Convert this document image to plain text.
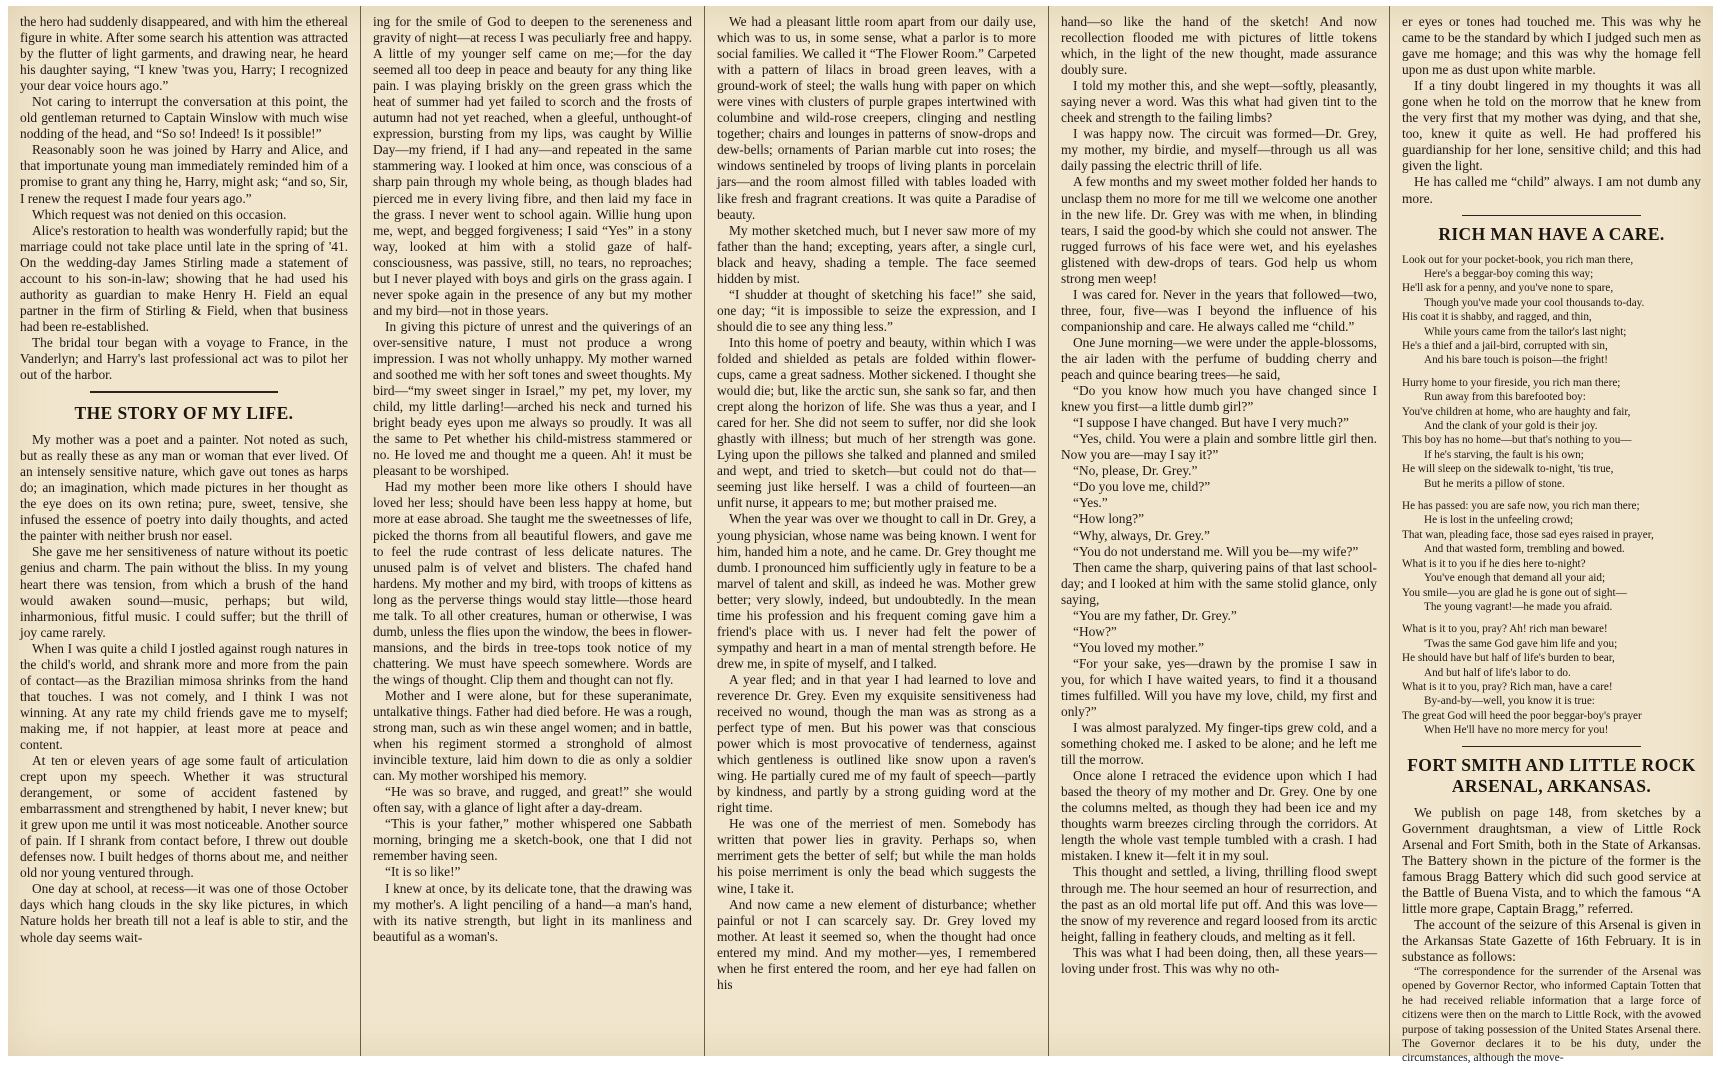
the hero had suddenly disappeared, and with him the ethereal figure in white. After some search his attention was attracted by the flutter of light garments, and drawing near, he heard his daughter saying, “I knew 'twas you, Harry; I recognized your dear voice hours ago.”

Not caring to interrupt the conversation at this point, the old gentleman returned to Captain Winslow with much wise nodding of the head, and “So so! Indeed! Is it possible!”

Reasonably soon he was joined by Harry and Alice, and that importunate young man immediately reminded him of a promise to grant any thing he, Harry, might ask; “and so, Sir, I renew the request I made four years ago.”

Which request was not denied on this occasion.

Alice's restoration to health was wonderfully rapid; but the marriage could not take place until late in the spring of '41. On the wedding-day James Stirling made a statement of account to his son-in-law; showing that he had used his authority as guardian to make Henry H. Field an equal partner in the firm of Stirling & Field, when that business had been re-established.

The bridal tour began with a voyage to France, in the Vanderlyn; and Harry's last professional act was to pilot her out of the harbor.

THE STORY OF MY LIFE.

My mother was a poet and a painter. Not noted as such, but as really these as any man or woman that ever lived. Of an intensely sensitive nature, which gave out tones as harps do; an imagination, which made pictures in her thought as the eye does on its own retina; pure, sweet, tensive, she infused the essence of poetry into daily thoughts, and acted the painter with neither brush nor easel.

She gave me her sensitiveness of nature without its poetic genius and charm. The pain without the bliss. In my young heart there was tension, from which a brush of the hand would awaken sound—music, perhaps; but wild, inharmonious, fitful music. I could suffer; but the thrill of joy came rarely.

When I was quite a child I jostled against rough natures in the child's world, and shrank more and more from the pain of contact—as the Brazilian mimosa shrinks from the hand that touches. I was not comely, and I think I was not winning. At any rate my child friends gave me to myself; making me, if not happier, at least more at peace and content.

At ten or eleven years of age some fault of articulation crept upon my speech. Whether it was structural derangement, or some of accident fastened by embarrassment and strengthened by habit, I never knew; but it grew upon me until it was most noticeable. Another source of pain. If I shrank from contact before, I threw out double defenses now. I built hedges of thorns about me, and neither old nor young ventured through.

One day at school, at recess—it was one of those October days which hang clouds in the sky like pictures, in which Nature holds her breath till not a leaf is able to stir, and the whole day seems wait-

ing for the smile of God to deepen to the sereneness and gravity of night—at recess I was peculiarly free and happy. A little of my younger self came on me;—for the day seemed all too deep in peace and beauty for any thing like pain. I was playing briskly on the green grass which the heat of summer had yet failed to scorch and the frosts of autumn had not yet reached, when a gleeful, unthought-of expression, bursting from my lips, was caught by Willie Day—my friend, if I had any—and repeated in the same stammering way. I looked at him once, was conscious of a sharp pain through my whole being, as though blades had pierced me in every living fibre, and then laid my face in the grass. I never went to school again. Willie hung upon me, wept, and begged forgiveness; I said “Yes” in a stony way, looked at him with a stolid gaze of half-consciousness, was passive, still, no tears, no reproaches; but I never played with boys and girls on the grass again. I never spoke again in the presence of any but my mother and my bird—not in those years.

In giving this picture of unrest and the quiverings of an over-sensitive nature, I must not produce a wrong impression. I was not wholly unhappy. My mother warned and soothed me with her soft tones and sweet thoughts. My bird—“my sweet singer in Israel,” my pet, my lover, my child, my little darling!—arched his neck and turned his bright beady eyes upon me always so proudly. It was all the same to Pet whether his child-mistress stammered or no. He loved me and thought me a queen. Ah! it must be pleasant to be worshiped.

Had my mother been more like others I should have loved her less; should have been less happy at home, but more at ease abroad. She taught me the sweetnesses of life, picked the thorns from all beautiful flowers, and gave me to feel the rude contrast of less delicate natures. The unused palm is of velvet and blisters. The chafed hand hardens. My mother and my bird, with troops of kittens as long as the perverse things would stay little—those heard me talk. To all other creatures, human or otherwise, I was dumb, unless the flies upon the window, the bees in flower-mansions, and the birds in tree-tops took notice of my chattering. We must have speech somewhere. Words are the wings of thought. Clip them and thought can not fly.

Mother and I were alone, but for these superanimate, untalkative things. Father had died before. He was a rough, strong man, such as win these angel women; and in battle, when his regiment stormed a stronghold of almost invincible texture, laid him down to die as only a soldier can. My mother worshiped his memory.

“He was so brave, and rugged, and great!” she would often say, with a glance of light after a day-dream.

“This is your father,” mother whispered one Sabbath morning, bringing me a sketch-book, one that I did not remember having seen.

“It is so like!”

I knew at once, by its delicate tone, that the drawing was my mother's. A light penciling of a hand—a man's hand, with its native strength, but light in its manliness and beautiful as a woman's.

We had a pleasant little room apart from our daily use, which was to us, in some sense, what a parlor is to more social families. We called it “The Flower Room.” Carpeted with a pattern of lilacs in broad green leaves, with a ground-work of steel; the walls hung with paper on which were vines with clusters of purple grapes intertwined with columbine and wild-rose creepers, clinging and nestling together; chairs and lounges in patterns of snow-drops and dew-bells; ornaments of Parian marble cut into roses; the windows sentineled by troops of living plants in porcelain jars—and the room almost filled with tables loaded with like fresh and fragrant creations. It was quite a Paradise of beauty.

My mother sketched much, but I never saw more of my father than the hand; excepting, years after, a single curl, black and heavy, shading a temple. The face seemed hidden by mist.

“I shudder at thought of sketching his face!” she said, one day; “it is impossible to seize the expression, and I should die to see any thing less.”

Into this home of poetry and beauty, within which I was folded and shielded as petals are folded within flower-cups, came a great sadness. Mother sickened. I thought she would die; but, like the arctic sun, she sank so far, and then crept along the horizon of life. She was thus a year, and I cared for her. She did not seem to suffer, nor did she look ghastly with illness; but much of her strength was gone. Lying upon the pillows she talked and planned and smiled and wept, and tried to sketch—but could not do that—seeming just like herself. I was a child of fourteen—an unfit nurse, it appears to me; but mother praised me.

When the year was over we thought to call in Dr. Grey, a young physician, whose name was being known. I went for him, handed him a note, and he came. Dr. Grey thought me dumb. I pronounced him sufficiently ugly in feature to be a marvel of talent and skill, as indeed he was. Mother grew better; very slowly, indeed, but undoubtedly. In the mean time his profession and his frequent coming gave him a friend's place with us. I never had felt the power of sympathy and heart in a man of mental strength before. He drew me, in spite of myself, and I talked.

A year fled; and in that year I had learned to love and reverence Dr. Grey. Even my exquisite sensitiveness had received no wound, though the man was as strong as a perfect type of men. But his power was that conscious power which is most provocative of tenderness, against which gentleness is outlined like snow upon a raven's wing. He partially cured me of my fault of speech—partly by kindness, and partly by a strong guiding word at the right time.

He was one of the merriest of men. Somebody has written that power lies in gravity. Perhaps so, when merriment gets the better of self; but while the man holds his poise merriment is only the bead which suggests the wine, I take it.

And now came a new element of disturbance; whether painful or not I can scarcely say. Dr. Grey loved my mother. At least it seemed so, when the thought had once entered my mind. And my mother—yes, I remembered when he first entered the room, and her eye had fallen on his

hand—so like the hand of the sketch! And now recollection flooded me with pictures of little tokens which, in the light of the new thought, made assurance doubly sure.

I told my mother this, and she wept—softly, pleasantly, saying never a word. Was this what had given tint to the cheek and strength to the failing limbs?

I was happy now. The circuit was formed—Dr. Grey, my mother, my birdie, and myself—through us all was daily passing the electric thrill of life.

A few months and my sweet mother folded her hands to unclasp them no more for me till we welcome one another in the new life. Dr. Grey was with me when, in blinding tears, I said the good-by which she could not answer. The rugged furrows of his face were wet, and his eyelashes glistened with dew-drops of tears. God help us whom strong men weep!

I was cared for. Never in the years that followed—two, three, four, five—was I beyond the influence of his companionship and care. He always called me “child.”

One June morning—we were under the apple-blossoms, the air laden with the perfume of budding cherry and peach and quince bearing trees—he said,

“Do you know how much you have changed since I knew you first—a little dumb girl?”

“I suppose I have changed. But have I very much?”

“Yes, child. You were a plain and sombre little girl then. Now you are—may I say it?”

“No, please, Dr. Grey.”

“Do you love me, child?”

“Yes.”

“How long?”

“Why, always, Dr. Grey.”

“You do not understand me. Will you be—my wife?”

Then came the sharp, quivering pains of that last school-day; and I looked at him with the same stolid glance, only saying,

“You are my father, Dr. Grey.”

“How?”

“You loved my mother.”

“For your sake, yes—drawn by the promise I saw in you, for which I have waited years, to find it a thousand times fulfilled. Will you have my love, child, my first and only?”

I was almost paralyzed. My finger-tips grew cold, and a something choked me. I asked to be alone; and he left me till the morrow.

Once alone I retraced the evidence upon which I had based the theory of my mother and Dr. Grey. One by one the columns melted, as though they had been ice and my thoughts warm breezes circling through the corridors. At length the whole vast temple tumbled with a crash. I had mistaken. I knew it—felt it in my soul.

This thought and settled, a living, thrilling flood swept through me. The hour seemed an hour of resurrection, and the past as an old mortal life put off. And this was love—the snow of my reverence and regard loosed from its arctic height, falling in feathery clouds, and melting as it fell.

This was what I had been doing, then, all these years—loving under frost. This was why no oth-

er eyes or tones had touched me. This was why he came to be the standard by which I judged such men as gave me homage; and this was why the homage fell upon me as dust upon white marble.

If a tiny doubt lingered in my thoughts it was all gone when he told on the morrow that he knew from the very first that my mother was dying, and that she, too, knew it quite as well. He had proffered his guardianship for her lone, sensitive child; and this had given the light.

He has called me “child” always. I am not dumb any more.

RICH MAN HAVE A CARE.
Look out for your pocket-book, you rich man there,
Here's a beggar-boy coming this way;
He'll ask for a penny, and you've none to spare,
Though you've made your cool thousands to-day.
His coat it is shabby, and ragged, and thin,
While yours came from the tailor's last night;
He's a thief and a jail-bird, corrupted with sin,
And his bare touch is poison—the fright!
Hurry home to your fireside, you rich man there;
Run away from this barefooted boy:
You've children at home, who are haughty and fair,
And the clank of your gold is their joy.
This boy has no home—but that's nothing to you—
If he's starving, the fault is his own;
He will sleep on the sidewalk to-night, 'tis true,
But he merits a pillow of stone.
He has passed: you are safe now, you rich man there;
He is lost in the unfeeling crowd;
That wan, pleading face, those sad eyes raised in prayer,
And that wasted form, trembling and bowed.
What is it to you if he dies here to-night?
You've enough that demand all your aid;
You smile—you are glad he is gone out of sight—
The young vagrant!—he made you afraid.
What is it to you, pray? Ah! rich man beware!
'Twas the same God gave him life and you;
He should have but half of life's burden to bear,
And but half of life's labor to do.
What is it to you, pray? Rich man, have a care!
By-and-by—well, you know it is true:
The great God will heed the poor beggar-boy's prayer
When He'll have no more mercy for you!
FORT SMITH AND LITTLE ROCK ARSENAL, ARKANSAS.

We publish on page 148, from sketches by a Government draughtsman, a view of Little Rock Arsenal and Fort Smith, both in the State of Arkansas. The Battery shown in the picture of the former is the famous Bragg Battery which did such good service at the Battle of Buena Vista, and to which the famous “A little more grape, Captain Bragg,” referred.

The account of the seizure of this Arsenal is given in the Arkansas State Gazette of 16th February. It is in substance as follows:

“The correspondence for the surrender of the Arsenal was opened by Governor Rector, who informed Captain Totten that he had received reliable information that a large force of citizens were then on the march to Little Rock, with the avowed purpose of taking possession of the United States Arsenal there. The Governor declares it to be his duty, under the circumstances, although the move-
